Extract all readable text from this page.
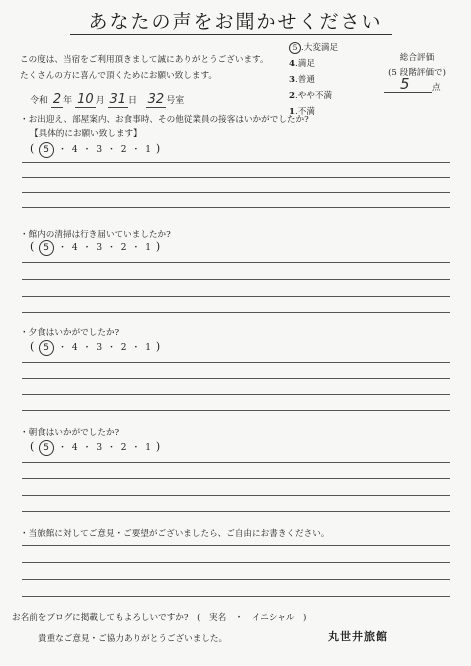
あなたの声をお聞かせください
この度は、当宿をご利用頂きまして誠にありがとうございます。
たくさんの方に喜んで頂くためにお願い致します。
5 .大変満足
4.満足
3.普通
2.やや不満
1.不満
総合評価
(5 段階評価で)
5	点
令和 2 年 10 月 31 日 32 号室
・お出迎え、部屋案内、お食事時、その他従業員の接客はいかがでしたか?
【具体的にお願い致します】
( 5 ・ 4 ・ 3 ・ 2 ・ 1 )
・館内の清掃は行き届いていましたか?
( 5 ・ 4 ・ 3 ・ 2 ・ 1 )
・夕食はいかがでしたか?
( 5 ・ 4 ・ 3 ・ 2 ・ 1 )
・朝食はいかがでしたか?
( 5 ・ 4 ・ 3 ・ 2 ・ 1 )
・当旅館に対してご意見・ご要望がございましたら、ご自由にお書きください。
お名前をブログに掲載してもよろしいですか?　(　実名　・　イニシャル　)
貴重なご意見・ご協力ありがとうございました。	丸世井旅館
